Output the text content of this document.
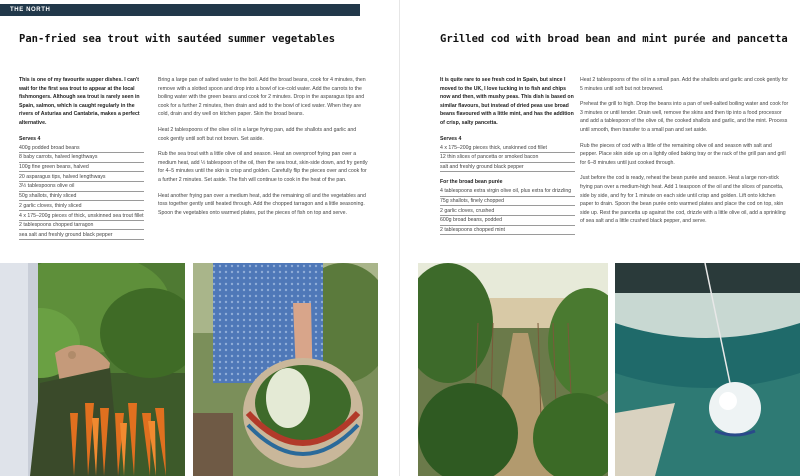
THE NORTH
Pan-fried sea trout with sautéed summer vegetables

This is one of my favourite supper dishes. I can't wait for the first sea trout to appear at the local fishmongers. Although sea trout is rarely seen in Spain, salmon, which is caught regularly in the rivers of Asturias and Cantabria, makes a perfect alternative.

Serves 4
400g podded broad beans
8 baby carrots, halved lengthways
100g fine green beans, halved
20 asparagus tips, halved lengthways
3½ tablespoons olive oil
50g shallots, thinly sliced
2 garlic cloves, thinly sliced
4 x 175–200g pieces of thick, unskinned sea trout fillet
2 tablespoons chopped tarragon
sea salt and freshly ground black pepper

Bring a large pan of salted water to the boil. Add the broad beans, cook for 4 minutes, then remove with a slotted spoon and drop into a bowl of ice-cold water. Add the carrots to the boiling water with the green beans and cook for 2 minutes. Drop in the asparagus tips and cook for a further 2 minutes, then drain and add to the bowl of iced water. When they are cold, drain and dry well on kitchen paper. Skin the broad beans.

Heat 2 tablespoons of the olive oil in a large frying pan, add the shallots and garlic and cook gently until soft but not brown. Set aside.

Rub the sea trout with a little olive oil and season. Heat an ovenproof frying pan over a medium heat, add ½ tablespoon of the oil, then the sea trout, skin-side down, and fry gently for 4–5 minutes until the skin is crisp and golden. Carefully flip the pieces over and cook for a further 2 minutes. Set aside. The fish will continue to cook in the heat of the pan.

Heat another frying pan over a medium heat, add the remaining oil and the vegetables and toss together gently until heated through. Add the chopped tarragon and a little seasoning. Spoon the vegetables onto warmed plates, put the pieces of fish on top and serve.

Grilled cod with broad bean and mint purée and pancetta

It is quite rare to see fresh cod in Spain, but since I moved to the UK, I love tucking in to fish and chips now and then, with mushy peas. This dish is based on similar flavours, but instead of dried peas use broad beans flavoured with a little mint, and has the addition of crisp, salty pancetta.

Serves 4
4 x 175–200g pieces thick, unskinned cod fillet
12 thin slices of pancetta or smoked bacon
salt and freshly ground black pepper
For the broad bean purée
4 tablespoons extra virgin olive oil, plus extra for drizzling
75g shallots, finely chopped
2 garlic cloves, crushed
600g broad beans, podded
2 tablespoons chopped mint

Heat 2 tablespoons of the oil in a small pan. Add the shallots and garlic and cook gently for 5 minutes until soft but not browned.

Preheat the grill to high. Drop the beans into a pan of well-salted boiling water and cook for 3 minutes or until tender. Drain well, remove the skins and then tip into a food processor and add a tablespoon of the olive oil, the cooked shallots and garlic, and the mint. Process until smooth, then transfer to a small pan and set aside.

Rub the pieces of cod with a little of the remaining olive oil and season with salt and pepper. Place skin side up on a lightly oiled baking tray or the rack of the grill pan and grill for 6–8 minutes until just cooked through.

Just before the cod is ready, reheat the bean purée and season. Heat a large non-stick frying pan over a medium-high heat. Add 1 teaspoon of the oil and the slices of pancetta, side by side, and fry for 1 minute on each side until crisp and golden. Lift onto kitchen paper to drain. Spoon the bean purée onto warmed plates and place the cod on top, skin side up. Rest the pancetta up against the cod, drizzle with a little olive oil, add a sprinkling of sea salt and a little crushed black pepper, and serve.
